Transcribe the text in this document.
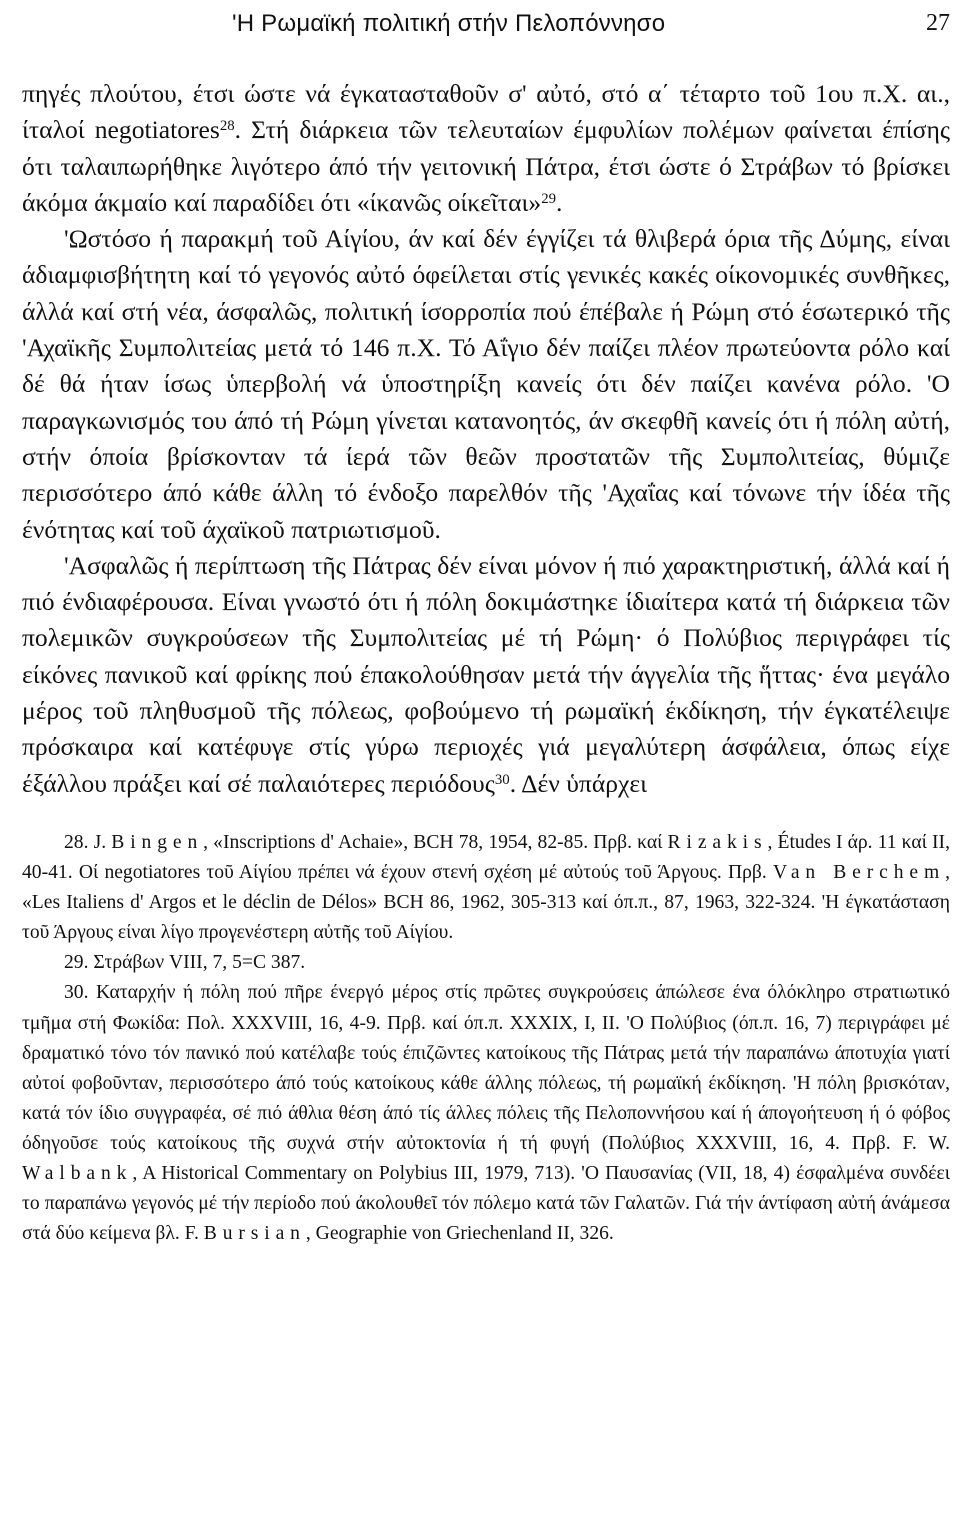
'Η Ρωμαϊκή πολιτική στήν Πελοπόννησο	27

πηγές πλούτου, έτσι ώστε νά έγκατασταθοῦν σ' αὐτό, στό α΄ τέταρτο τοῦ 1ου π.Χ. αι., ίταλοί negotiatores$^{28}$. Στή διάρκεια τῶν τελευταίων έμφυλίων πολέμων φαίνεται έπίσης ότι ταλαιπωρήθηκε λιγότερο άπό τήν γειτονική Πάτρα, έτσι ώστε ό Στράβων τό βρίσκει άκόμα άκμαίο καί παραδίδει ότι «ίκανῶς οίκεῖται»$^{29}$.

'Ωστόσο ή παρακμή τοῦ Αίγίου, άν καί δέν έγγίζει τά θλιβερά όρια τῆς Δύμης, είναι άδιαμφισβήτητη καί τό γεγονός αὐτό όφείλεται στίς γενικές κακές οίκονομικές συνθῆκες, άλλά καί στή νέα, άσφαλῶς, πολιτική ίσορροπία πού έπέβαλε ή Ρώμη στό έσωτερικό τῆς 'Αχαϊκῆς Συμπολιτείας μετά τό 146 π.Χ. Τό Αΐγιο δέν παίζει πλέον πρωτεύοντα ρόλο καί δέ θά ήταν ίσως ὑπερβολή νά ὑποστηρίξη κανείς ότι δέν παίζει κανένα ρόλο. 'Ο παραγκωνισμός του άπό τή Ρώμη γίνεται κατανοητός, άν σκεφθῆ κανείς ότι ή πόλη αὐτή, στήν όποία βρίσκονταν τά ίερά τῶν θεῶν προστατῶν τῆς Συμπολιτείας, θύμιζε περισσότερο άπό κάθε άλλη τό ένδοξο παρελθόν τῆς 'Αχαΐας καί τόνωνε τήν ίδέα τῆς ένότητας καί τοῦ άχαϊκοῦ πατριωτισμοῦ.

'Ασφαλῶς ή περίπτωση τῆς Πάτρας δέν είναι μόνον ή πιό χαρακτηριστική, άλλά καί ή πιό ένδιαφέρουσα. Είναι γνωστό ότι ή πόλη δοκιμάστηκε ίδιαίτερα κατά τή διάρκεια τῶν πολεμικῶν συγκρούσεων τῆς Συμπολιτείας μέ τή Ρώμη· ό Πολύβιος περιγράφει τίς είκόνες πανικοῦ καί φρίκης πού έπακολούθησαν μετά τήν άγγελία τῆς ἥττας· ένα μεγάλο μέρος τοῦ πληθυσμοῦ τῆς πόλεως, φοβούμενο τή ρωμαϊκή έκδίκηση, τήν έγκατέλειψε πρόσκαιρα καί κατέφυγε στίς γύρω περιοχές γιά μεγαλύτερη άσφάλεια, όπως είχε έξάλλου πράξει καί σέ παλαιότερες περιόδους$^{30}$. Δέν ὑπάρχει

28. J. Bingen, «Inscriptions d' Achaie», BCH 78, 1954, 82-85. Πρβ. καί Rizakis, Études I άρ. 11 καί II, 40-41. Οί negotiatores τοῦ Αίγίου πρέπει νά έχουν στενή σχέση μέ αὐτούς τοῦ Άργους. Πρβ. Van Berchem, «Les Italiens d' Argos et le déclin de Délos» BCH 86, 1962, 305-313 καί όπ.π., 87, 1963, 322-324. 'Η έγκατάσταση τοῦ Άργους είναι λίγο προγενέστερη αὐτῆς τοῦ Αίγίου.

29. Στράβων VIII, 7, 5=C 387.

30. Καταρχήν ή πόλη πού πῆρε ένεργό μέρος στίς πρῶτες συγκρούσεις άπώλεσε ένα όλόκληρο στρατιωτικό τμῆμα στή Φωκίδα: Πολ. XXXVIII, 16, 4-9. Πρβ. καί όπ.π. XXXIX, I, II. 'Ο Πολύβιος (όπ.π. 16, 7) περιγράφει μέ δραματικό τόνο τόν πανικό πού κατέλαβε τούς έπιζῶντες κατοίκους τῆς Πάτρας μετά τήν παραπάνω άποτυχία γιατί αὐτοί φοβοῦνταν, περισσότερο άπό τούς κατοίκους κάθε άλλης πόλεως, τή ρωμαϊκή έκδίκηση. 'Η πόλη βρισκόταν, κατά τόν ίδιο συγγραφέα, σέ πιό άθλια θέση άπό τίς άλλες πόλεις τῆς Πελοποννήσου καί ή άπογοήτευση ή ό φόβος όδηγοῦσε τούς κατοίκους τῆς συχνά στήν αὐτοκτονία ή τή φυγή (Πολύβιος XXXVIII, 16, 4. Πρβ. F. W. Walbank, A Historical Commentary on Polybius III, 1979, 713). 'Ο Παυσανίας (VII, 18, 4) έσφαλμένα συνδέει το παραπάνω γεγονός μέ τήν περίοδο πού άκολουθεῖ τόν πόλεμο κατά τῶν Γαλατῶν. Γιά τήν άντίφαση αὐτή άνάμεσα στά δύο κείμενα βλ. F. Bursian, Geographie von Griechenland II, 326.
